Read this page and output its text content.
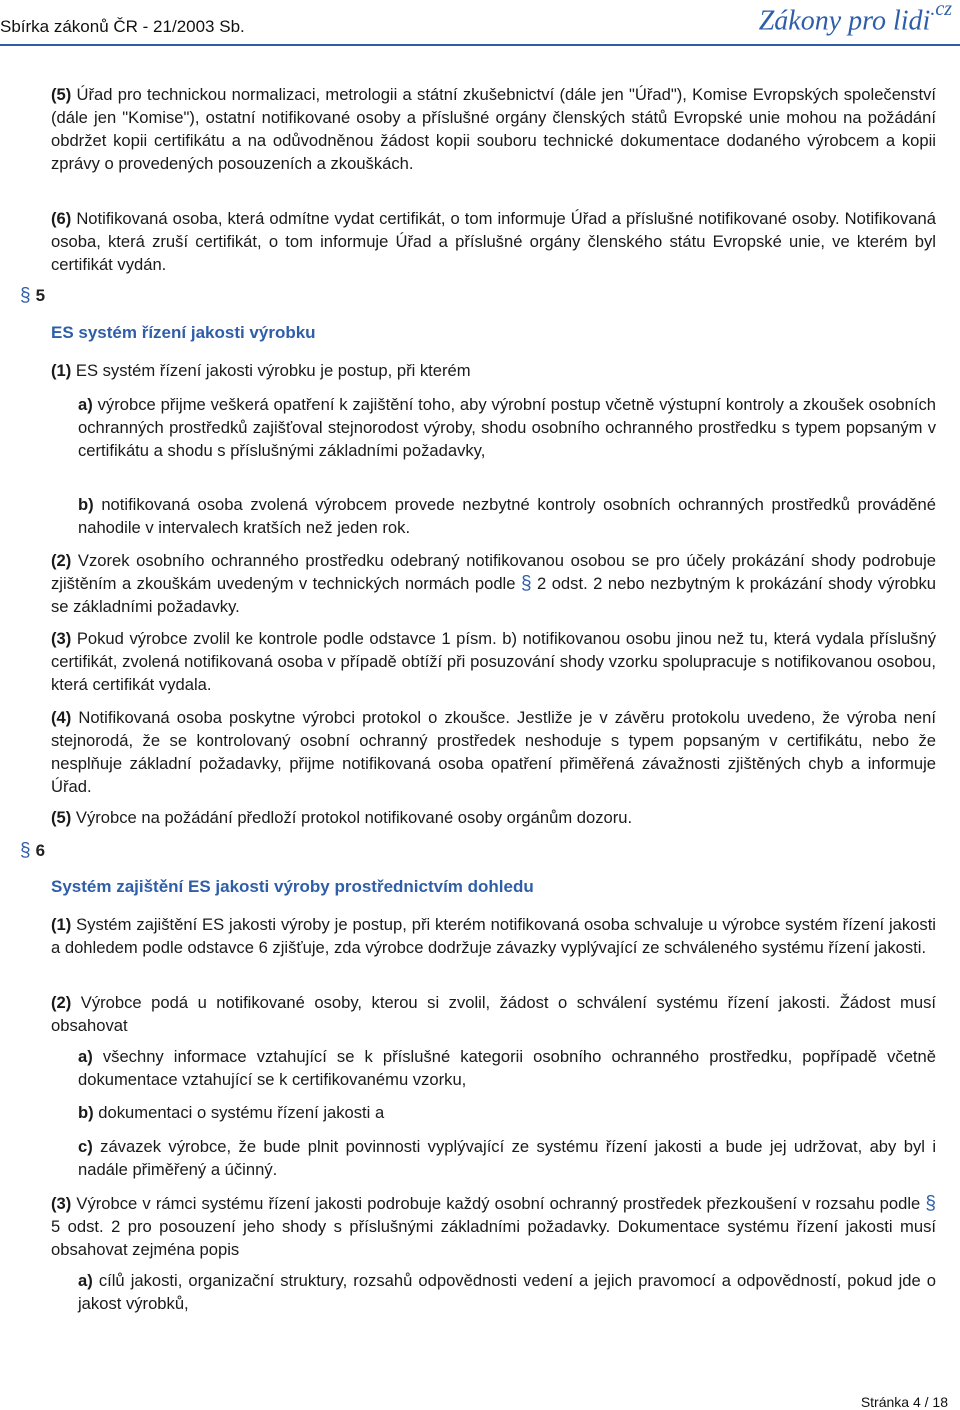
Sbírka zákonů ČR - 21/2003 Sb.	Zákony pro lidi$^{.cz}$

(5) Úřad pro technickou normalizaci, metrologii a státní zkušebnictví (dále jen "Úřad"), Komise Evropských společenství (dále jen "Komise"), ostatní notifikované osoby a příslušné orgány členských států Evropské unie mohou na požádání obdržet kopii certifikátu a na odůvodněnou žádost kopii souboru technické dokumentace dodaného výrobcem a kopii zprávy o provedených posouzeních a zkouškách.

(6) Notifikovaná osoba, která odmítne vydat certifikát, o tom informuje Úřad a příslušné notifikované osoby. Notifikovaná osoba, která zruší certifikát, o tom informuje Úřad a příslušné orgány členského státu Evropské unie, ve kterém byl certifikát vydán.

§ 5
ES systém řízení jakosti výrobku

(1) ES systém řízení jakosti výrobku je postup, při kterém

a) výrobce přijme veškerá opatření k zajištění toho, aby výrobní postup včetně výstupní kontroly a zkoušek osobních ochranných prostředků zajišťoval stejnorodost výroby, shodu osobního ochranného prostředku s typem popsaným v certifikátu a shodu s příslušnými základními požadavky,

b) notifikovaná osoba zvolená výrobcem provede nezbytné kontroly osobních ochranných prostředků prováděné nahodile v intervalech kratších než jeden rok.

(2) Vzorek osobního ochranného prostředku odebraný notifikovanou osobou se pro účely prokázání shody podrobuje zjištěním a zkouškám uvedeným v technických normách podle § 2 odst. 2 nebo nezbytným k prokázání shody výrobku se základními požadavky.

(3) Pokud výrobce zvolil ke kontrole podle odstavce 1 písm. b) notifikovanou osobu jinou než tu, která vydala příslušný certifikát, zvolená notifikovaná osoba v případě obtíží při posuzování shody vzorku spolupracuje s notifikovanou osobou, která certifikát vydala.

(4) Notifikovaná osoba poskytne výrobci protokol o zkoušce. Jestliže je v závěru protokolu uvedeno, že výroba není stejnorodá, že se kontrolovaný osobní ochranný prostředek neshoduje s typem popsaným v certifikátu, nebo že nesplňuje základní požadavky, přijme notifikovaná osoba opatření přiměřená závažnosti zjištěných chyb a informuje Úřad.

(5) Výrobce na požádání předloží protokol notifikované osoby orgánům dozoru.

§ 6
Systém zajištění ES jakosti výroby prostřednictvím dohledu

(1) Systém zajištění ES jakosti výroby je postup, při kterém notifikovaná osoba schvaluje u výrobce systém řízení jakosti a dohledem podle odstavce 6 zjišťuje, zda výrobce dodržuje závazky vyplývající ze schváleného systému řízení jakosti.

(2) Výrobce podá u notifikované osoby, kterou si zvolil, žádost o schválení systému řízení jakosti. Žádost musí obsahovat

a) všechny informace vztahující se k příslušné kategorii osobního ochranného prostředku, popřípadě včetně dokumentace vztahující se k certifikovanému vzorku,

b) dokumentaci o systému řízení jakosti a

c) závazek výrobce, že bude plnit povinnosti vyplývající ze systému řízení jakosti a bude jej udržovat, aby byl i nadále přiměřený a účinný.

(3) Výrobce v rámci systému řízení jakosti podrobuje každý osobní ochranný prostředek přezkoušení v rozsahu podle § 5 odst. 2 pro posouzení jeho shody s příslušnými základními požadavky. Dokumentace systému řízení jakosti musí obsahovat zejména popis

a) cílů jakosti, organizační struktury, rozsahů odpovědnosti vedení a jejich pravomocí a odpovědností, pokud jde o jakost výrobků,

Stránka 4 / 18
